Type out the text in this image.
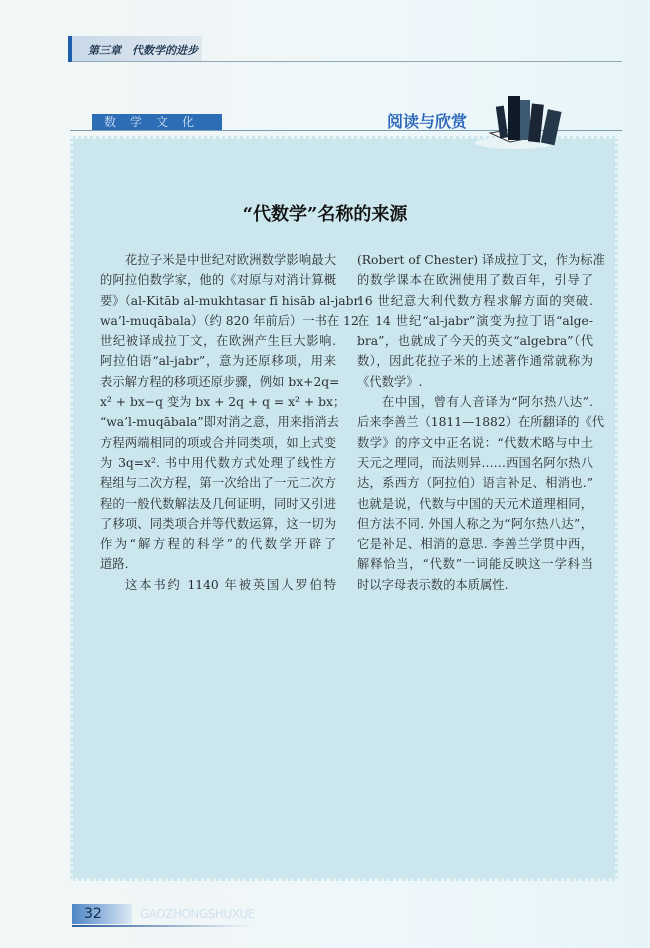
第三章　代数学的进步
数学文化	阅读与欣赏
“代数学”名称的来源
花拉子米是中世纪对欧洲数学影响最大
的阿拉伯数学家，他的《对原与对消计算概
要》（al-Kitāb al-mukhtasar fī hisāb al-jabr
wa’l-muqābala）（约 820 年前后）一书在 12
世纪被译成拉丁文，在欧洲产生巨大影响.
阿拉伯语“al-jabr”，意为还原移项，用来
表示解方程的移项还原步骤，例如 bx+2q=
x² + bx−q 变为 bx + 2q + q = x² + bx；
“wa’l-muqābala”即对消之意，用来指消去
方程两端相同的项或合并同类项，如上式变
为 3q=x². 书中用代数方式处理了线性方
程组与二次方程，第一次给出了一元二次方
程的一般代数解法及几何证明，同时又引进
了移项、同类项合并等代数运算，这一切为
作为“解方程的科学”的代数学开辟了
道路.
这本书约 1140 年被英国人罗伯特
(Robert of Chester) 译成拉丁文，作为标准
的数学课本在欧洲使用了数百年，引导了
16 世纪意大利代数方程求解方面的突破.
在 14 世纪“al-jabr”演变为拉丁语“alge-
bra”，也就成了今天的英文“algebra”（代
数），因此花拉子米的上述著作通常就称为
《代数学》.
在中国，曾有人音译为“阿尔热八达”.
后来李善兰（1811—1882）在所翻译的《代
数学》的序文中正名说：“代数术略与中土
天元之理同，而法则异……西国名阿尔热八
达，系西方（阿拉伯）语言补足、相消也.”
也就是说，代数与中国的天元术道理相同，
但方法不同. 外国人称之为“阿尔热八达”，
它是补足、相消的意思. 李善兰学贯中西，
解释恰当，“代数”一词能反映这一学科当
时以字母表示数的本质属性.
32	GAOZHONGSHUXUE
